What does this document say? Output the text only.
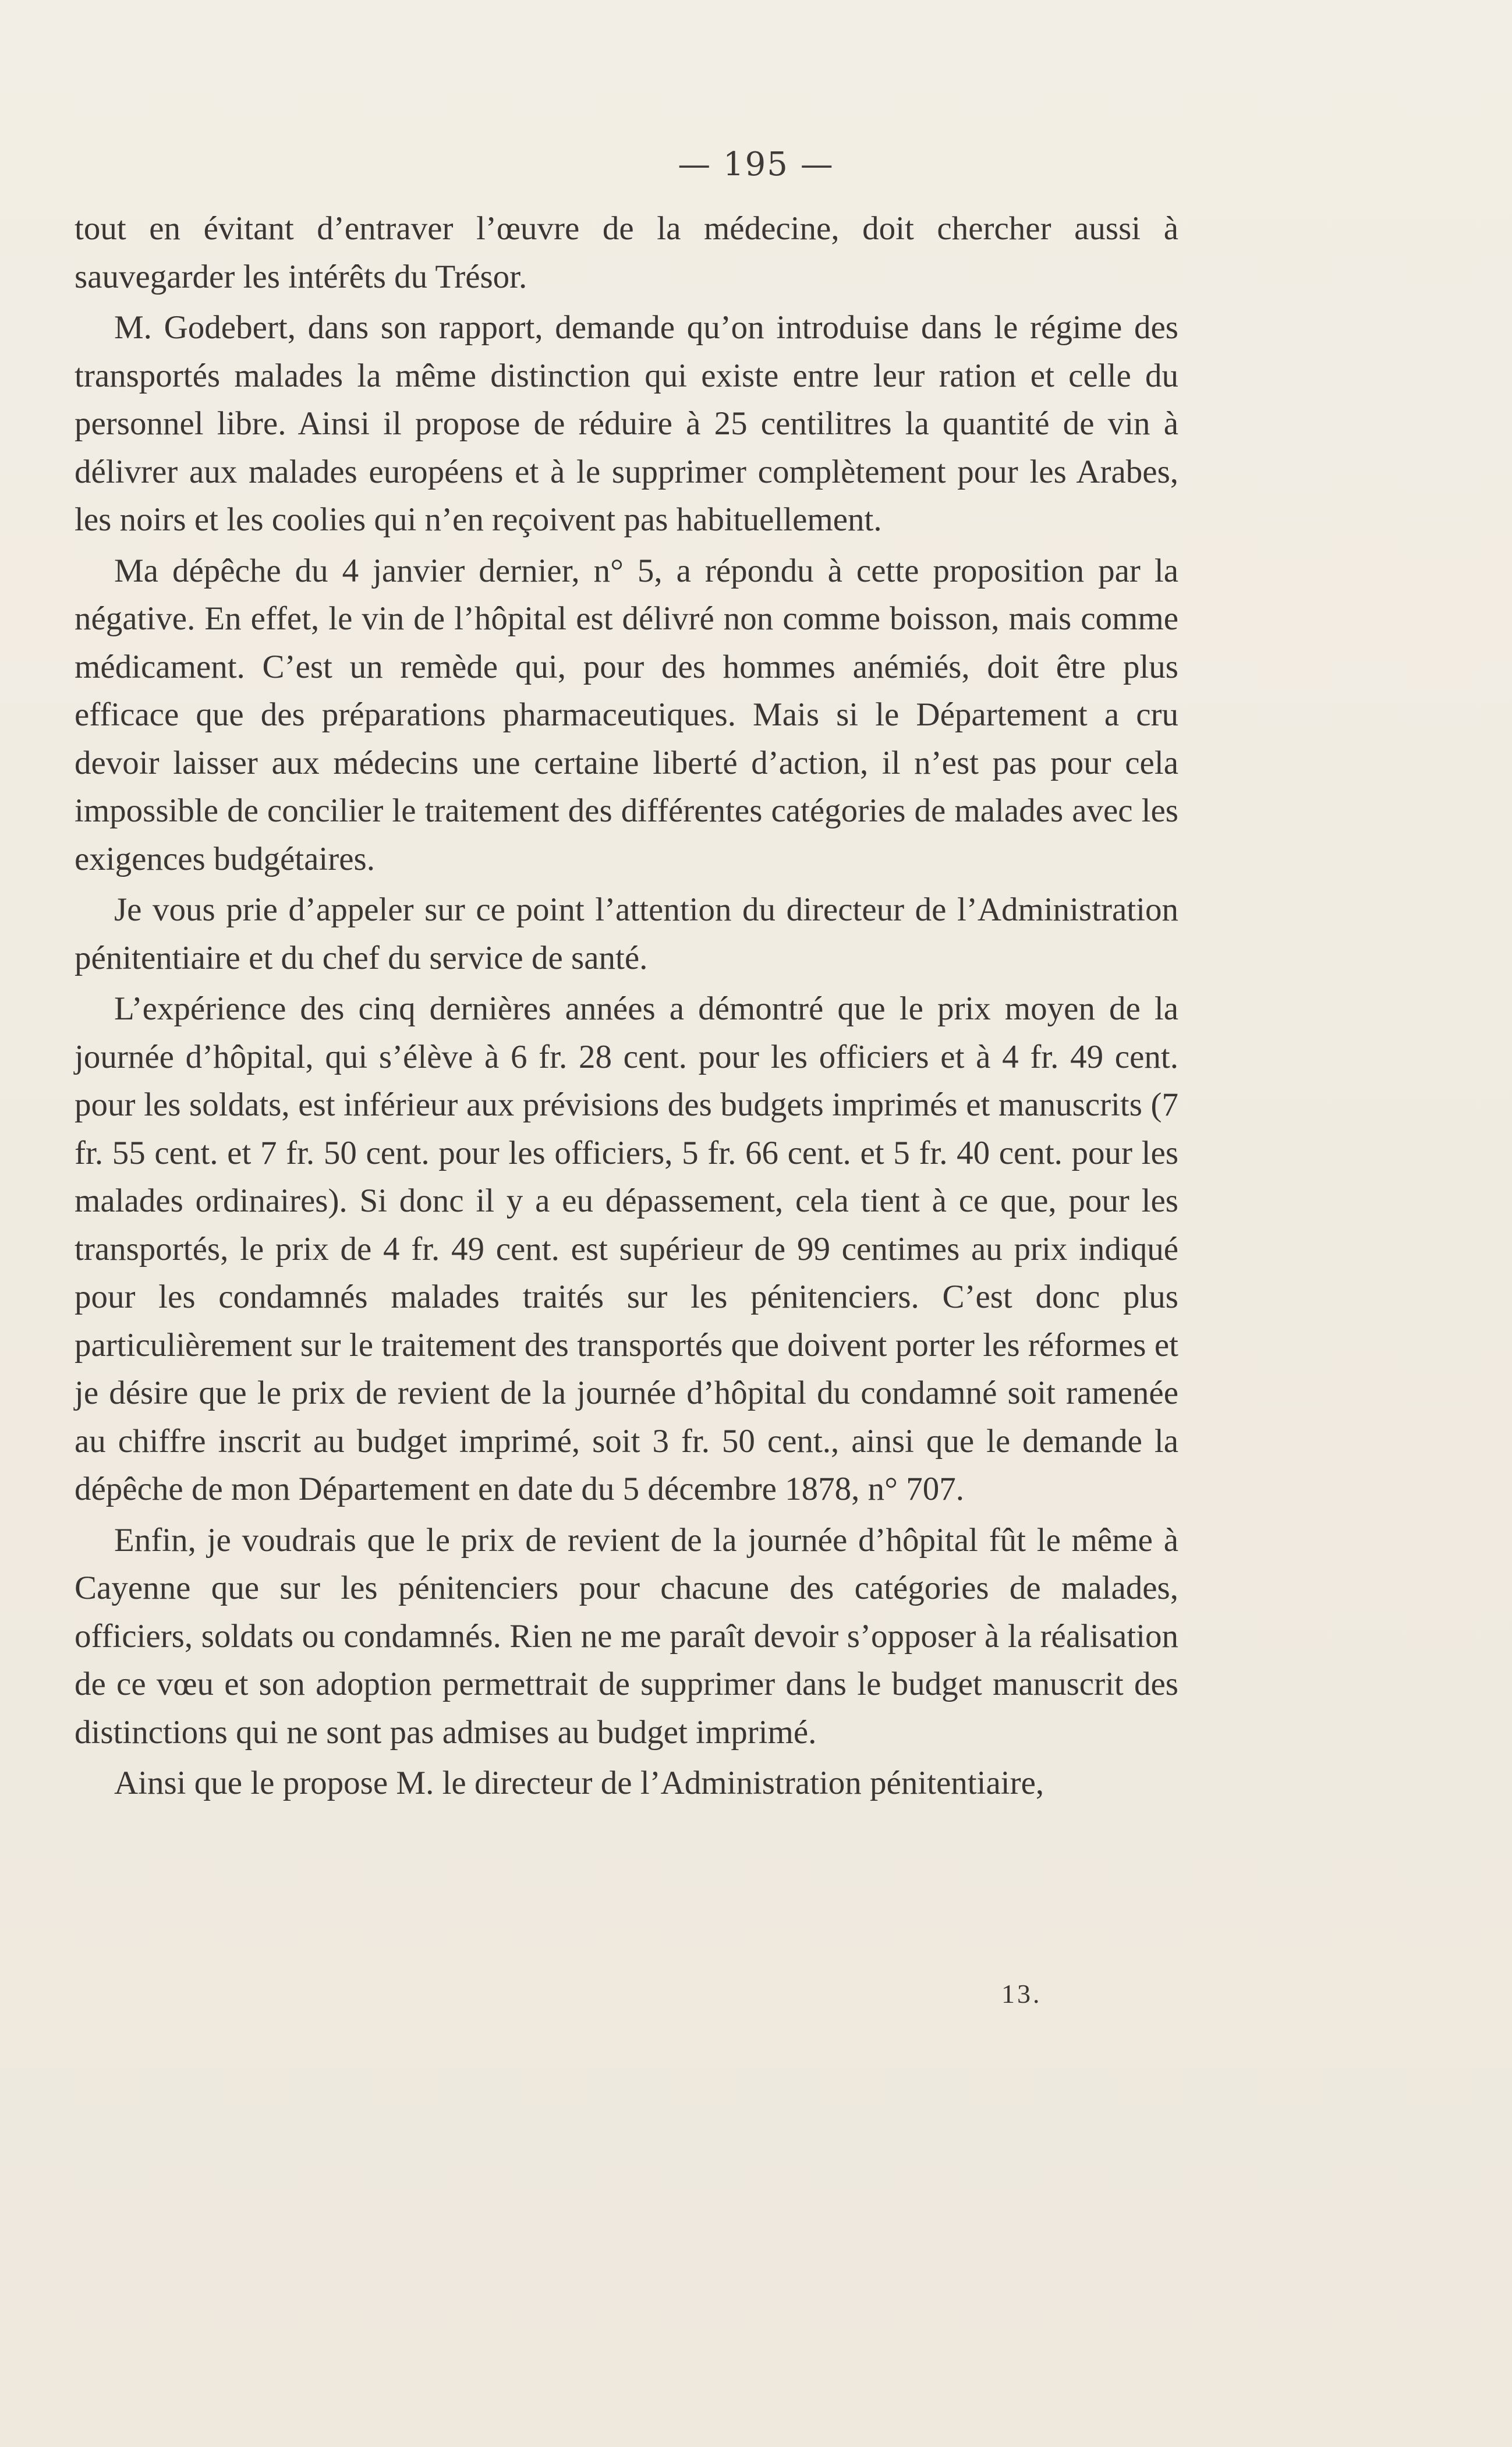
— 195 —

tout en évitant d’entraver l’œuvre de la médecine, doit chercher aussi à sauvegarder les intérêts du Trésor.

M. Godebert, dans son rapport, demande qu’on introduise dans le régime des transportés malades la même distinction qui existe entre leur ration et celle du personnel libre. Ainsi il propose de réduire à 25 centilitres la quantité de vin à délivrer aux malades européens et à le supprimer complètement pour les Arabes, les noirs et les coolies qui n’en reçoivent pas habituellement.

Ma dépêche du 4 janvier dernier, n° 5, a répondu à cette proposition par la négative. En effet, le vin de l’hôpital est délivré non comme boisson, mais comme médicament. C’est un remède qui, pour des hommes anémiés, doit être plus efficace que des préparations pharmaceutiques. Mais si le Département a cru devoir laisser aux médecins une certaine liberté d’action, il n’est pas pour cela impossible de concilier le traitement des différentes catégories de malades avec les exigences budgétaires.

Je vous prie d’appeler sur ce point l’attention du directeur de l’Administration pénitentiaire et du chef du service de santé.

L’expérience des cinq dernières années a démontré que le prix moyen de la journée d’hôpital, qui s’élève à 6 fr. 28 cent. pour les officiers et à 4 fr. 49 cent. pour les soldats, est inférieur aux prévisions des budgets imprimés et manuscrits (7 fr. 55 cent. et 7 fr. 50 cent. pour les officiers, 5 fr. 66 cent. et 5 fr. 40 cent. pour les malades ordinaires). Si donc il y a eu dépassement, cela tient à ce que, pour les transportés, le prix de 4 fr. 49 cent. est supérieur de 99 centimes au prix indiqué pour les condamnés malades traités sur les pénitenciers. C’est donc plus particulièrement sur le traitement des transportés que doivent porter les réformes et je désire que le prix de revient de la journée d’hôpital du condamné soit ramenée au chiffre inscrit au budget imprimé, soit 3 fr. 50 cent., ainsi que le demande la dépêche de mon Département en date du 5 décembre 1878, n° 707.

Enfin, je voudrais que le prix de revient de la journée d’hôpital fût le même à Cayenne que sur les pénitenciers pour chacune des catégories de malades, officiers, soldats ou condamnés. Rien ne me paraît devoir s’opposer à la réalisation de ce vœu et son adoption permettrait de supprimer dans le budget manuscrit des distinctions qui ne sont pas admises au budget imprimé.

Ainsi que le propose M. le directeur de l’Administration pénitentiaire,

13.
